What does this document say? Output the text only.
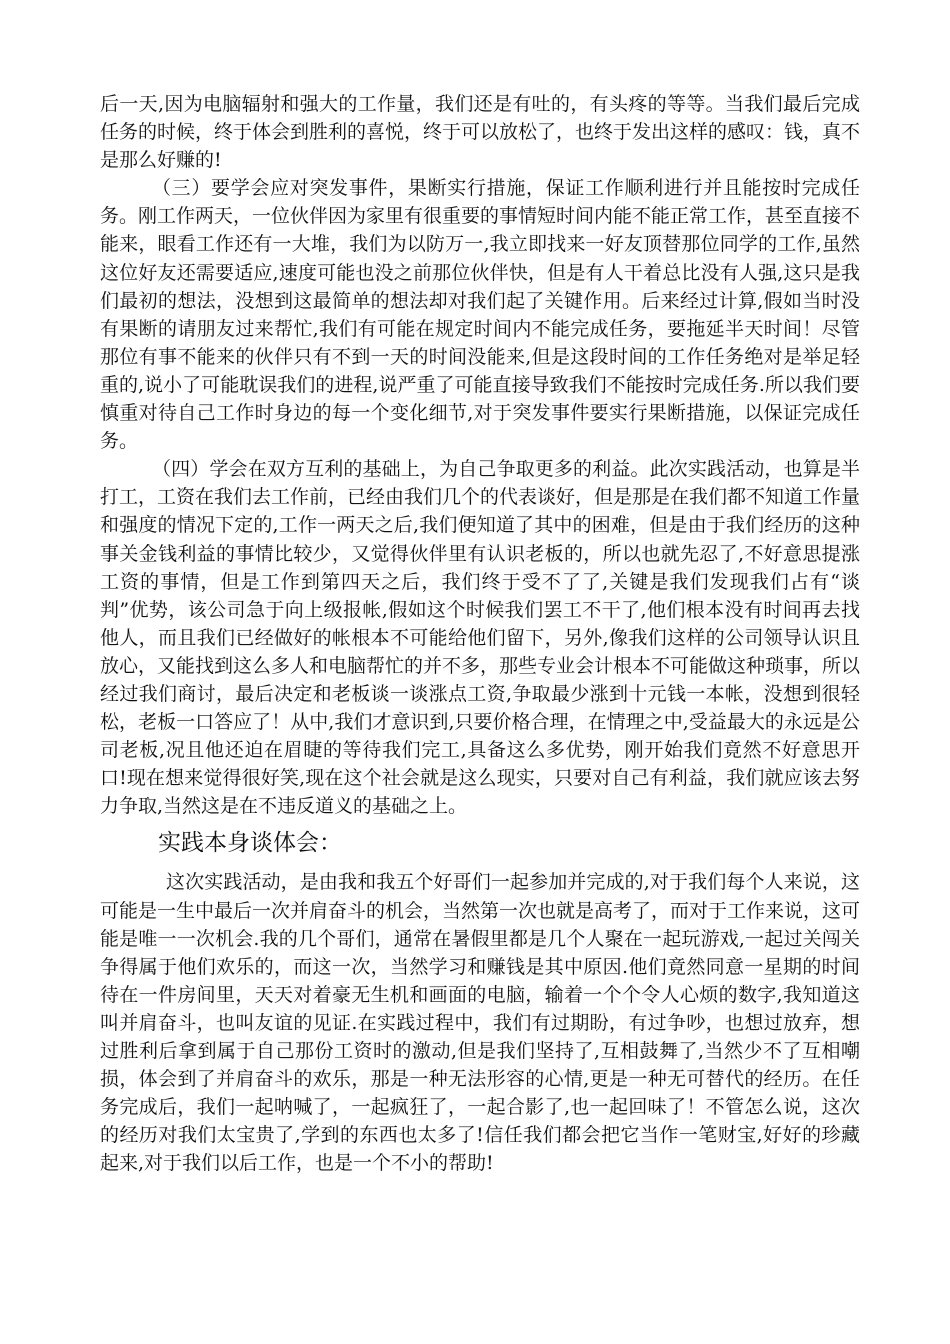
后一天,因为电脑辐射和强大的工作量，我们还是有吐的，有头疼的等等。当我们最后完成任务的时候，终于体会到胜利的喜悦，终于可以放松了，也终于发出这样的感叹：钱，真不是那么好赚的!

（三）要学会应对突发事件，果断实行措施，保证工作顺利进行并且能按时完成任务。刚工作两天，一位伙伴因为家里有很重要的事情短时间内能不能正常工作，甚至直接不能来，眼看工作还有一大堆，我们为以防万一,我立即找来一好友顶替那位同学的工作,虽然这位好友还需要适应,速度可能也没之前那位伙伴快，但是有人干着总比没有人强,这只是我们最初的想法，没想到这最简单的想法却对我们起了关键作用。后来经过计算,假如当时没有果断的请朋友过来帮忙,我们有可能在规定时间内不能完成任务，要拖延半天时间！尽管那位有事不能来的伙伴只有不到一天的时间没能来,但是这段时间的工作任务绝对是举足轻重的,说小了可能耽误我们的进程,说严重了可能直接导致我们不能按时完成任务.所以我们要慎重对待自己工作时身边的每一个变化细节,对于突发事件要实行果断措施，以保证完成任务。

（四）学会在双方互利的基础上，为自己争取更多的利益。此次实践活动，也算是半打工，工资在我们去工作前，已经由我们几个的代表谈好，但是那是在我们都不知道工作量和强度的情况下定的,工作一两天之后,我们便知道了其中的困难，但是由于我们经历的这种事关金钱利益的事情比较少，又觉得伙伴里有认识老板的，所以也就先忍了,不好意思提涨工资的事情，但是工作到第四天之后，我们终于受不了了,关键是我们发现我们占有“谈判”优势，该公司急于向上级报帐,假如这个时候我们罢工不干了,他们根本没有时间再去找他人，而且我们已经做好的帐根本不可能给他们留下，另外,像我们这样的公司领导认识且放心，又能找到这么多人和电脑帮忙的并不多，那些专业会计根本不可能做这种琐事，所以经过我们商讨，最后决定和老板谈一谈涨点工资,争取最少涨到十元钱一本帐，没想到很轻松，老板一口答应了！从中,我们才意识到,只要价格合理，在情理之中,受益最大的永远是公司老板,况且他还迫在眉睫的等待我们完工,具备这么多优势，刚开始我们竟然不好意思开口!现在想来觉得很好笑,现在这个社会就是这么现实，只要对自己有利益，我们就应该去努力争取,当然这是在不违反道义的基础之上。

实践本身谈体会：

这次实践活动，是由我和我五个好哥们一起参加并完成的,对于我们每个人来说，这可能是一生中最后一次并肩奋斗的机会，当然第一次也就是高考了，而对于工作来说，这可能是唯一一次机会.我的几个哥们，通常在暑假里都是几个人聚在一起玩游戏,一起过关闯关争得属于他们欢乐的，而这一次，当然学习和赚钱是其中原因.他们竟然同意一星期的时间待在一件房间里，天天对着豪无生机和画面的电脑，输着一个个令人心烦的数字,我知道这叫并肩奋斗，也叫友谊的见证.在实践过程中，我们有过期盼，有过争吵，也想过放弃，想过胜利后拿到属于自己那份工资时的激动,但是我们坚持了,互相鼓舞了,当然少不了互相嘲损，体会到了并肩奋斗的欢乐，那是一种无法形容的心情,更是一种无可替代的经历。在任务完成后，我们一起呐喊了，一起疯狂了，一起合影了,也一起回味了！不管怎么说，这次的经历对我们太宝贵了,学到的东西也太多了!信任我们都会把它当作一笔财宝,好好的珍藏起来,对于我们以后工作，也是一个不小的帮助!
